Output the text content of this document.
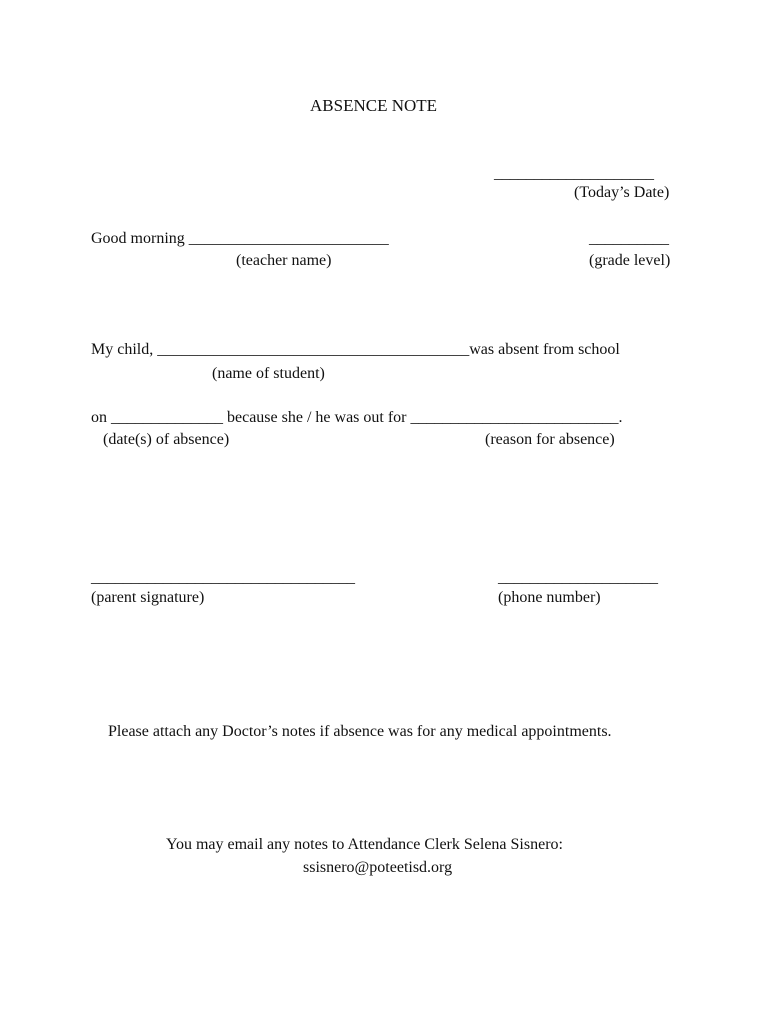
ABSENCE NOTE
____________________
(Today’s Date)
Good morning _________________________
(teacher name)
__________
(grade level)
My child, _______________________________________was absent from school
(name of student)
on ______________ because she / he was out for __________________________.
(date(s) of absence)	(reason for absence)
_________________________________
(parent signature)
____________________
(phone number)
Please attach any Doctor’s notes if absence was for any medical appointments.
You may email any notes to Attendance Clerk Selena Sisnero:
ssisnero@poteetisd.org
